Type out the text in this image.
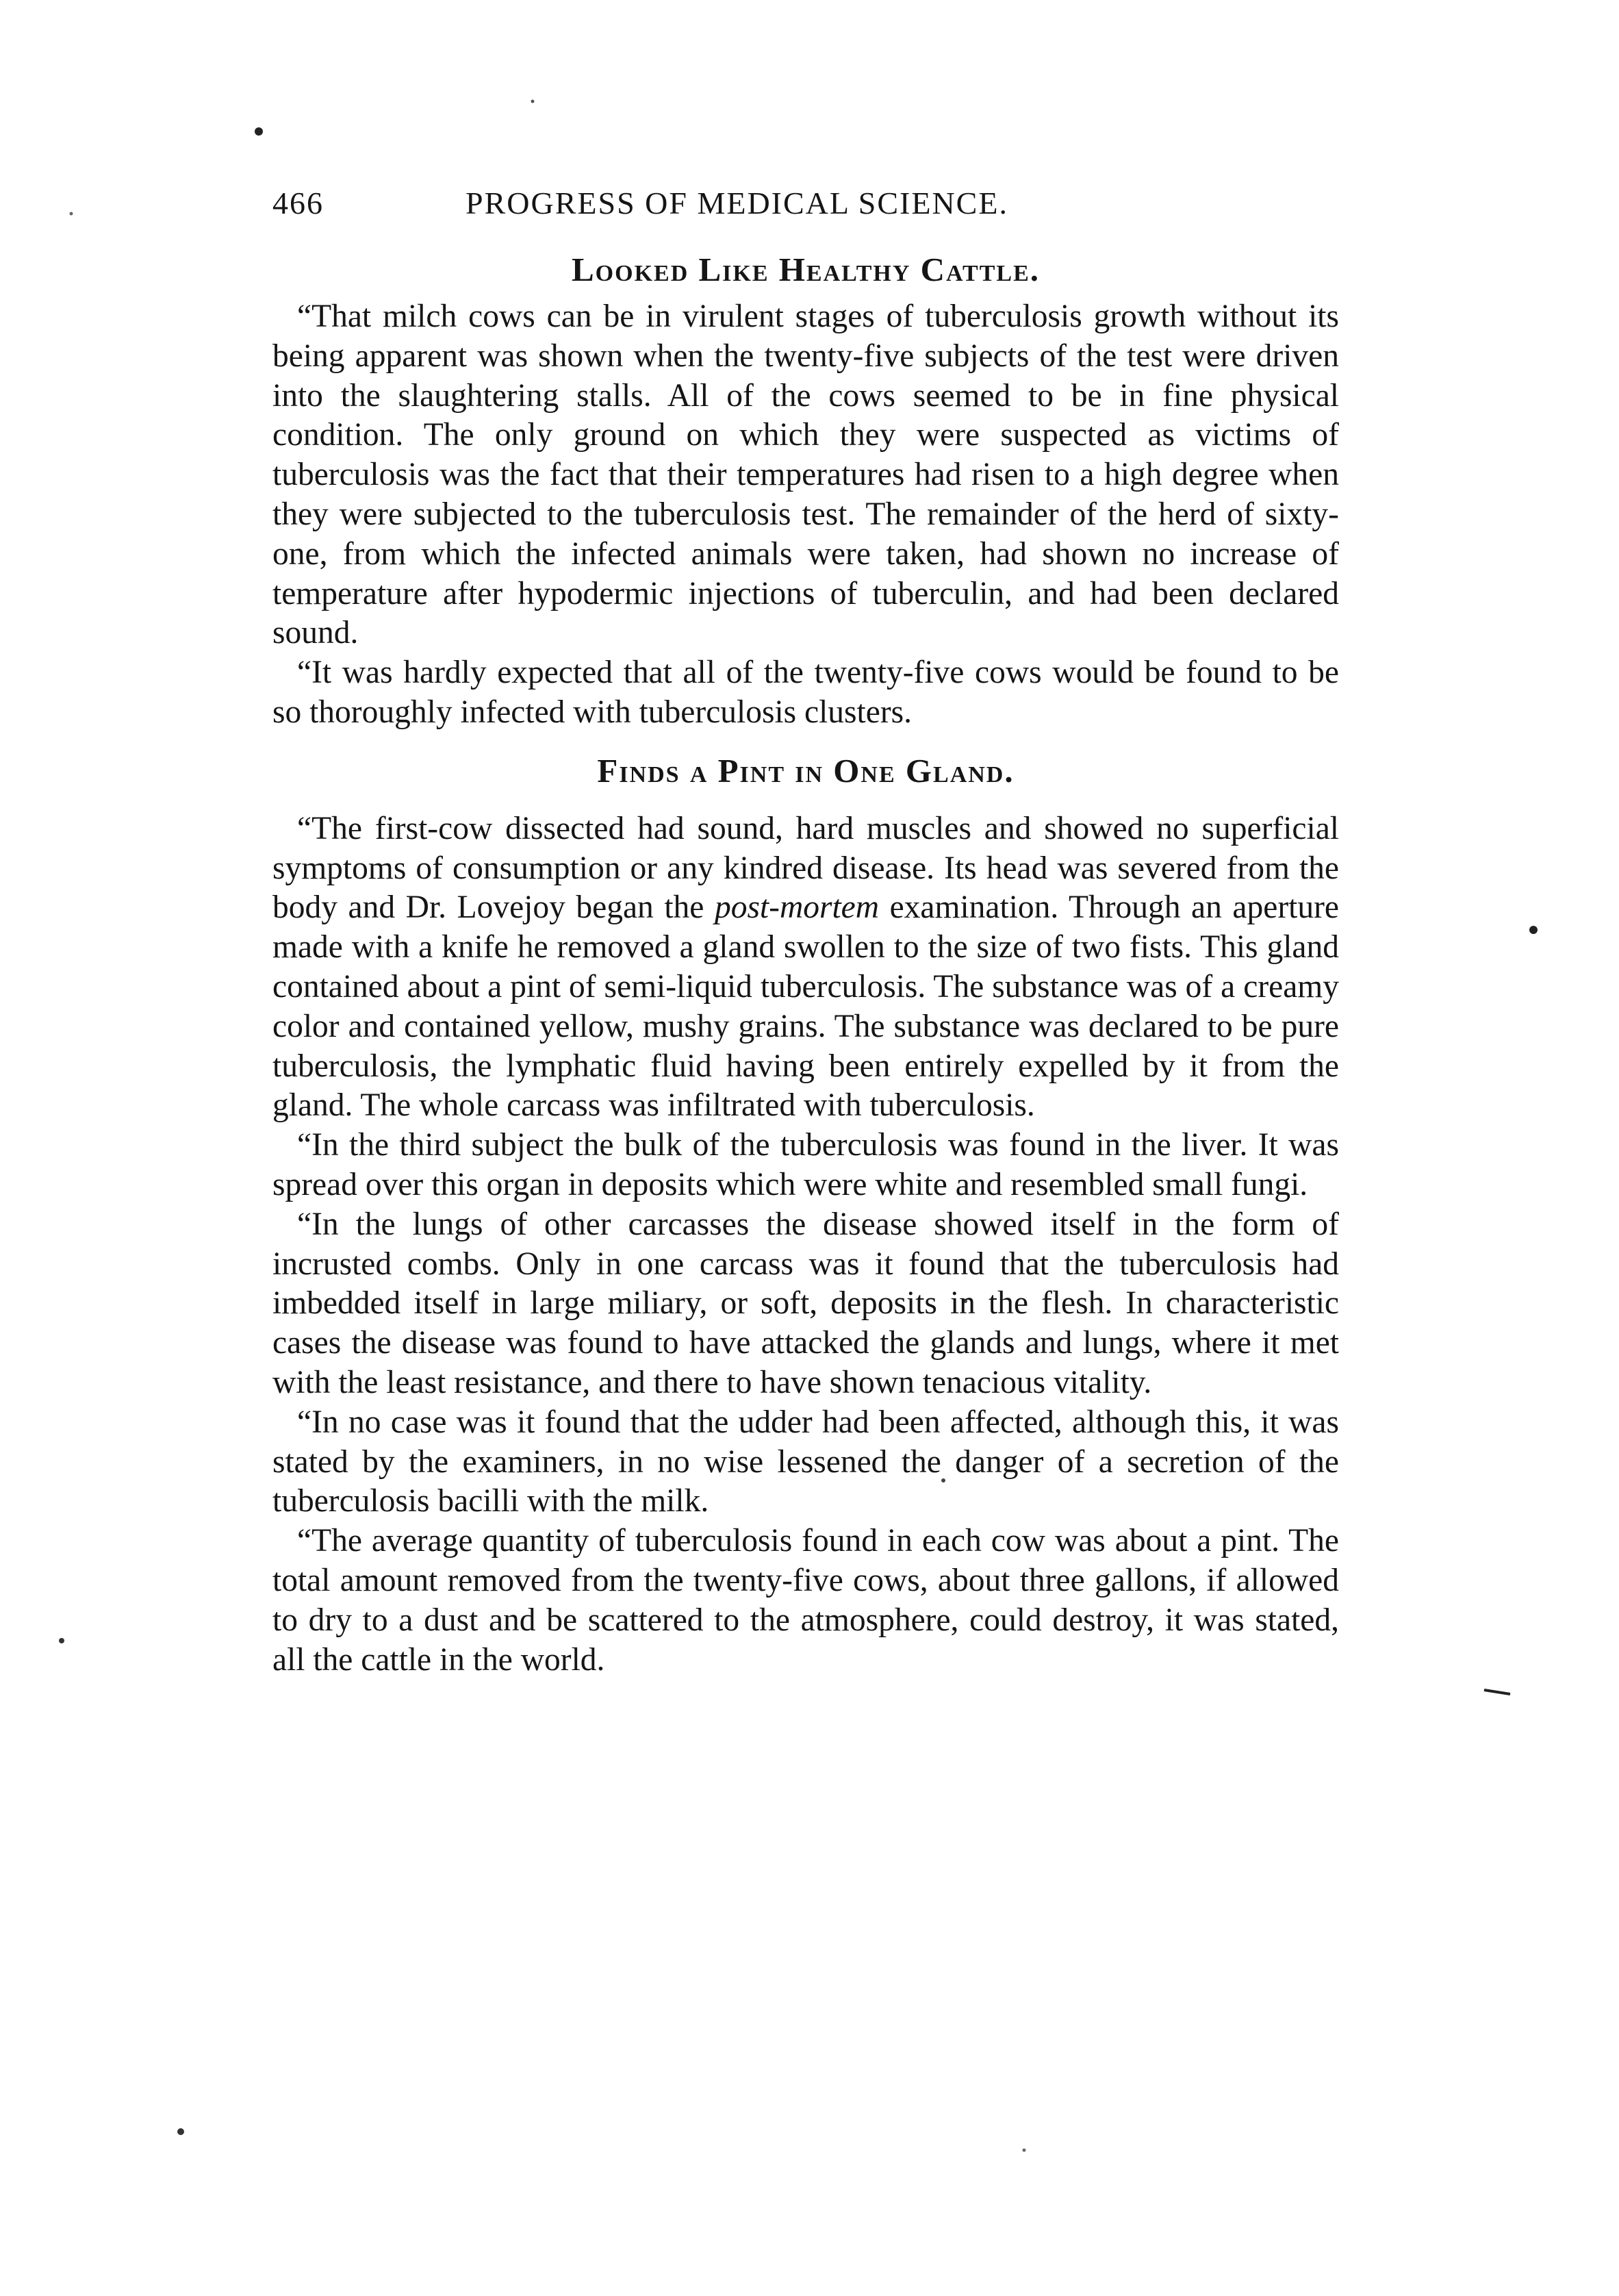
466	PROGRESS OF MEDICAL SCIENCE.
Looked Like Healthy Cattle.

“That milch cows can be in virulent stages of tuberculosis growth without its being apparent was shown when the twenty-five subjects of the test were driven into the slaughtering stalls. All of the cows seemed to be in fine physical condition. The only ground on which they were suspected as victims of tuberculosis was the fact that their temperatures had risen to a high degree when they were subjected to the tuberculosis test. The remainder of the herd of sixty-one, from which the infected animals were taken, had shown no increase of temperature after hypodermic injections of tuberculin, and had been declared sound.

“It was hardly expected that all of the twenty-five cows would be found to be so thoroughly infected with tuberculosis clusters.

Finds a Pint in One Gland.

“The first-cow dissected had sound, hard muscles and showed no superficial symptoms of consumption or any kindred disease. Its head was severed from the body and Dr. Lovejoy began the post-mortem examination. Through an aperture made with a knife he removed a gland swollen to the size of two fists. This gland contained about a pint of semi-liquid tuberculosis. The substance was of a creamy color and contained yellow, mushy grains. The substance was declared to be pure tuberculosis, the lymphatic fluid having been entirely expelled by it from the gland. The whole carcass was infiltrated with tuberculosis.

“In the third subject the bulk of the tuberculosis was found in the liver. It was spread over this organ in deposits which were white and resembled small fungi.

“In the lungs of other carcasses the disease showed itself in the form of incrusted combs. Only in one carcass was it found that the tuberculosis had imbedded itself in large miliary, or soft, deposits in the flesh. In characteristic cases the disease was found to have attacked the glands and lungs, where it met with the least resistance, and there to have shown tenacious vitality.

“In no case was it found that the udder had been affected, although this, it was stated by the examiners, in no wise lessened the danger of a secretion of the tuberculosis bacilli with the milk.

“The average quantity of tuberculosis found in each cow was about a pint. The total amount removed from the twenty-five cows, about three gallons, if allowed to dry to a dust and be scattered to the atmosphere, could destroy, it was stated, all the cattle in the world.
